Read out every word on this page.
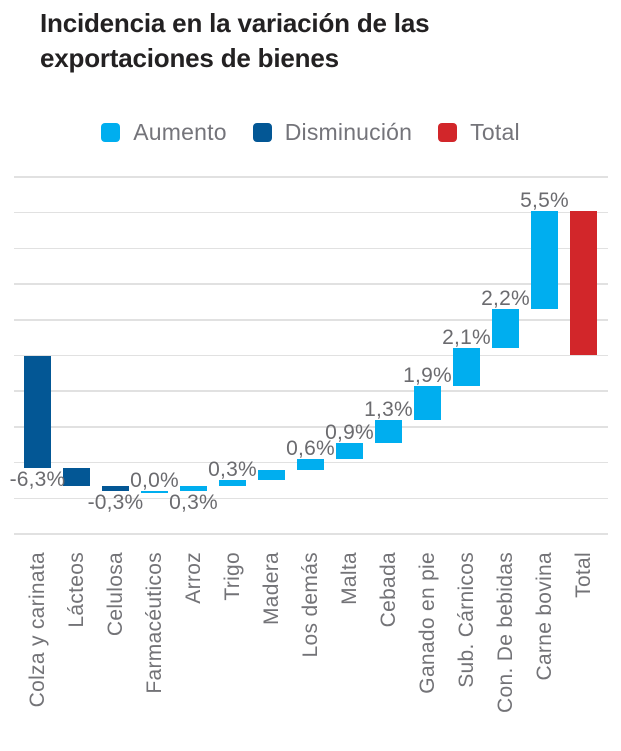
Incidencia en la variación de las
exportaciones de bienes
Aumento	Disminución	Total
-6,3%
-0,3%
0,0%
0,3%
0,3%
0,6%
0,9%
1,3%
1,9%
2,1%
2,2%
5,5%
Colza y carinata Lácteos Celulosa Farmacéuticos Arroz Trigo Madera Los demás Malta Cebada Ganado en pie Sub. Cárnicos Con. De bebidas Carne bovina Total
